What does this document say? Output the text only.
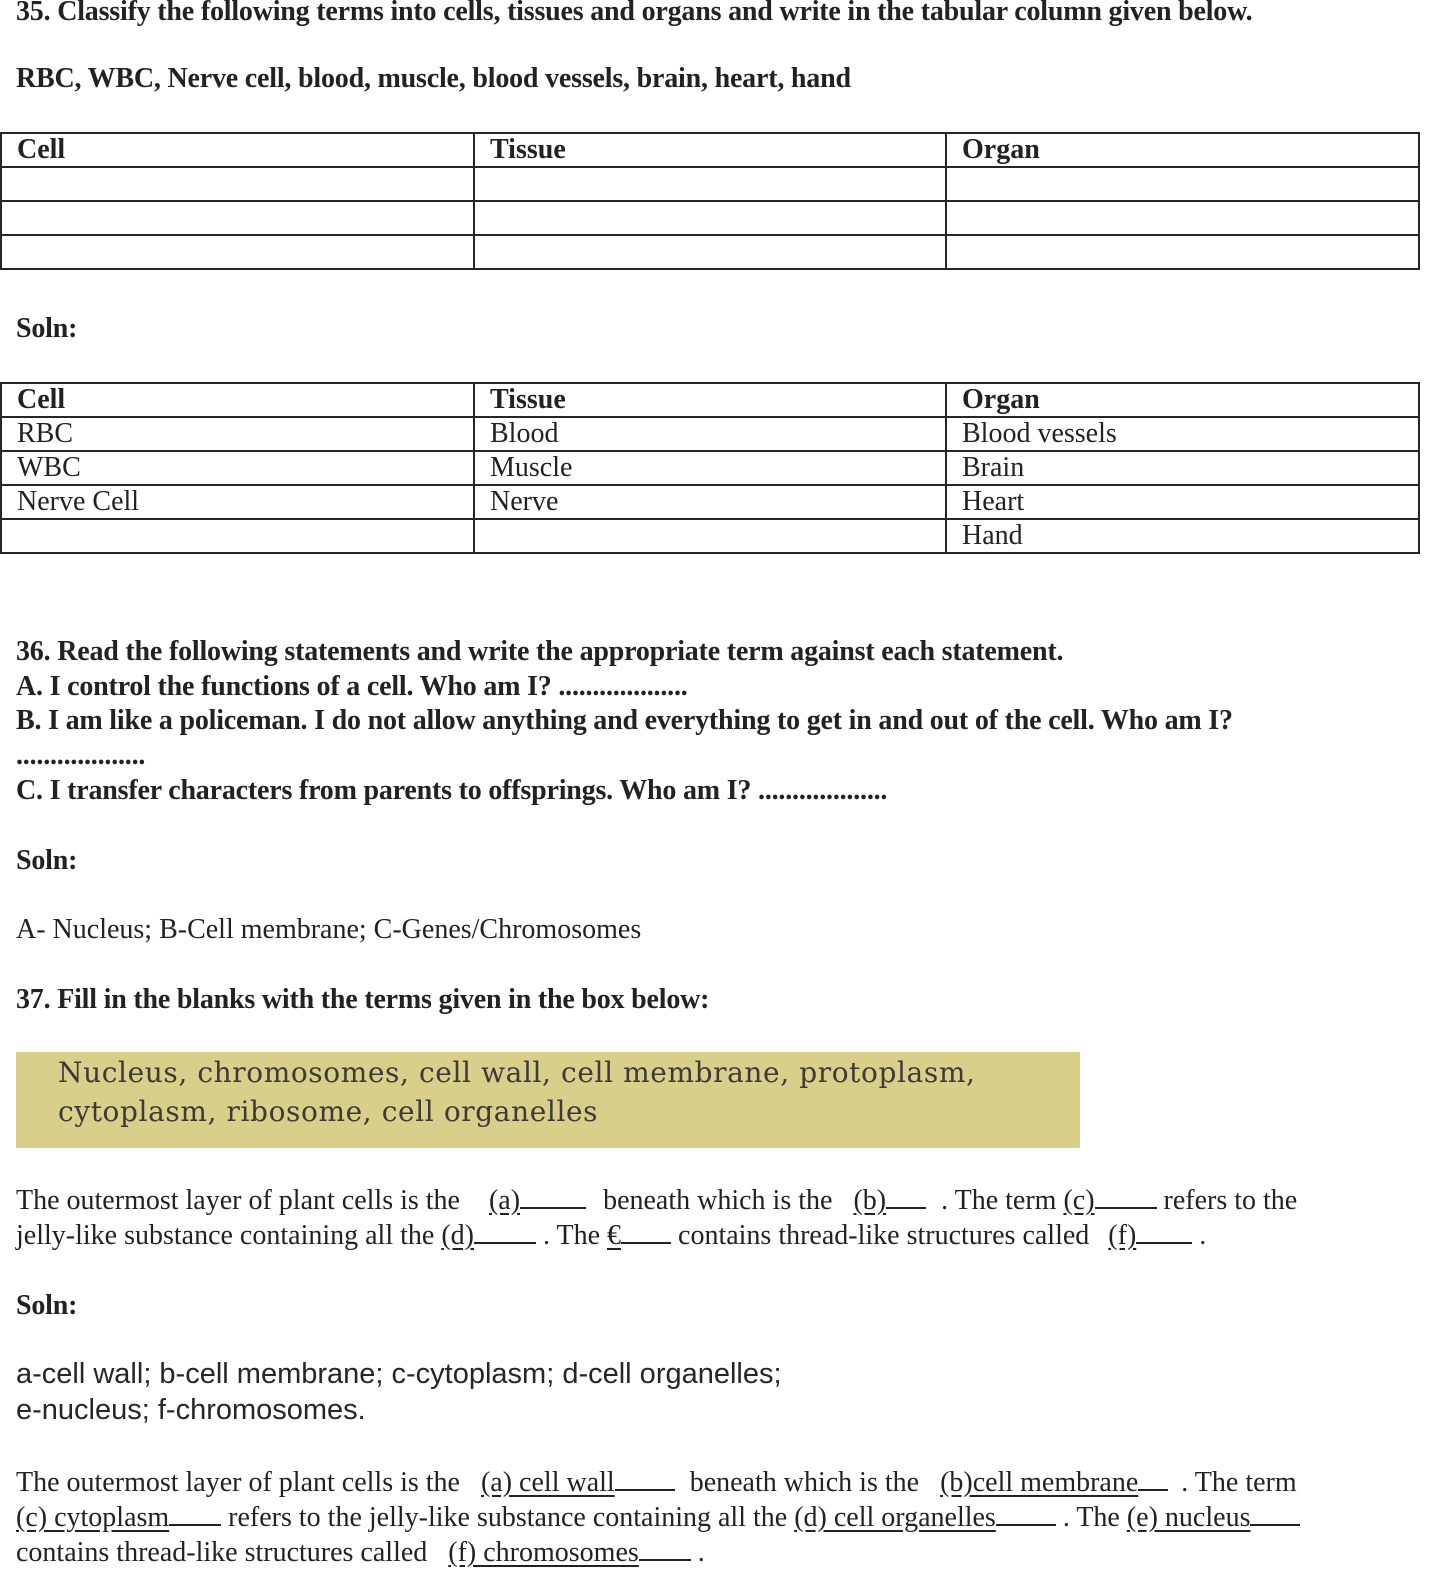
35. Classify the following terms into cells, tissues and organs and write in the tabular column given below.
RBC, WBC, Nerve cell, blood, muscle, blood vessels, brain, heart, hand
Cell	Tissue	Organ

Soln:
Cell	Tissue	Organ
RBC	Blood	Blood vessels
WBC	Muscle	Brain
Nerve Cell	Nerve	Heart
		Hand
36. Read the following statements and write the appropriate term against each statement.
A. I control the functions of a cell. Who am I? ...................
B. I am like a policeman. I do not allow anything and everything to get in and out of the cell. Who am I?
...................
C. I transfer characters from parents to offsprings. Who am I? ...................
Soln:
A- Nucleus; B-Cell membrane; C-Genes/Chromosomes
37. Fill in the blanks with the terms given in the box below:
Nucleus, chromosomes, cell wall, cell membrane, protoplasm,
cytoplasm, ribosome, cell organelles
The outermost layer of plant cells is the (a)	beneath which is the (b) . The term (c) refers to the
jelly-like substance containing all the (d) . The € contains thread-like structures called (f) .
Soln:
a-cell wall; b-cell membrane; c-cytoplasm; d-cell organelles;
e-nucleus; f-chromosomes.
The outermost layer of plant cells is the (a) cell wall	beneath which is the (b)cell membrane . The term
(c) cytoplasm refers to the jelly-like substance containing all the (d) cell organelles . The (e) nucleus
contains thread-like structures called (f) chromosomes .
